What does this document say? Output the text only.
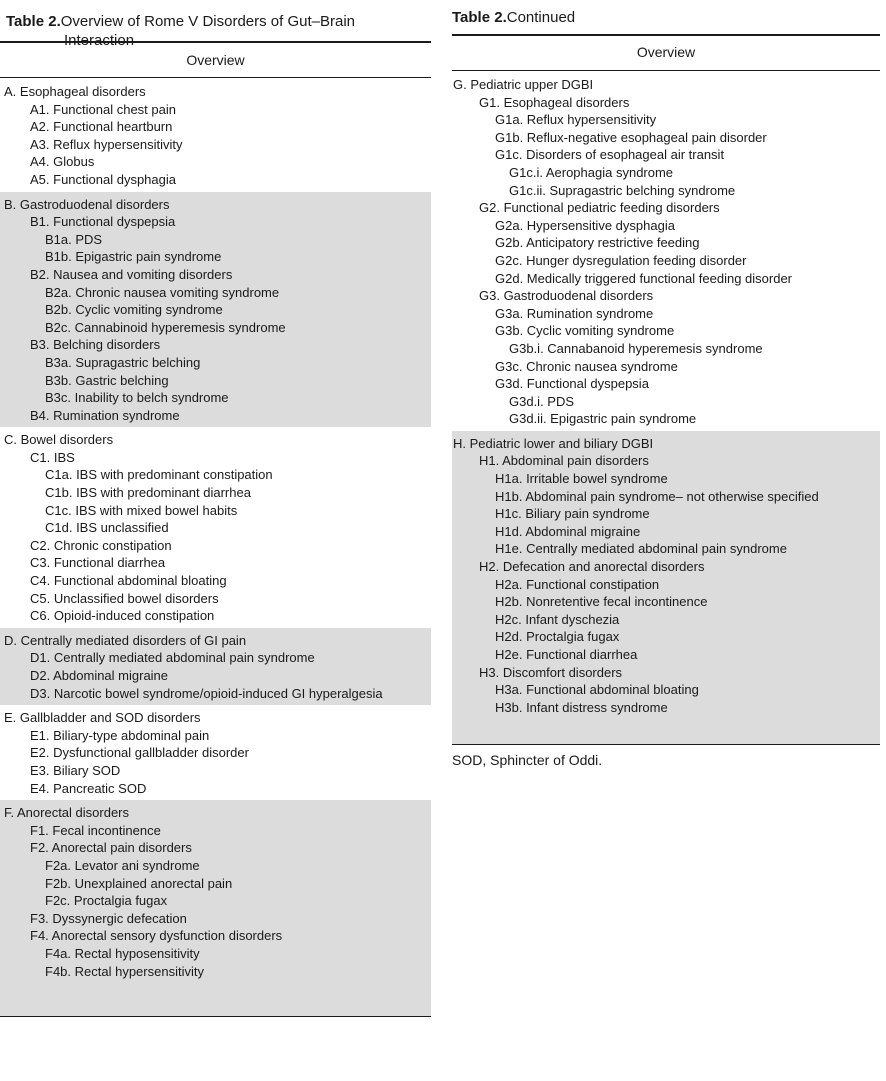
Table 2.Overview of Rome V Disorders of Gut–Brain
Interaction
Overview
A. Esophageal disorders
A1. Functional chest pain
A2. Functional heartburn
A3. Reflux hypersensitivity
A4. Globus
A5. Functional dysphagia
B. Gastroduodenal disorders
B1. Functional dyspepsia
B1a. PDS
B1b. Epigastric pain syndrome
B2. Nausea and vomiting disorders
B2a. Chronic nausea vomiting syndrome
B2b. Cyclic vomiting syndrome
B2c. Cannabinoid hyperemesis syndrome
B3. Belching disorders
B3a. Supragastric belching
B3b. Gastric belching
B3c. Inability to belch syndrome
B4. Rumination syndrome
C. Bowel disorders
C1. IBS
C1a. IBS with predominant constipation
C1b. IBS with predominant diarrhea
C1c. IBS with mixed bowel habits
C1d. IBS unclassified
C2. Chronic constipation
C3. Functional diarrhea
C4. Functional abdominal bloating
C5. Unclassified bowel disorders
C6. Opioid-induced constipation
D. Centrally mediated disorders of GI pain
D1. Centrally mediated abdominal pain syndrome
D2. Abdominal migraine
D3. Narcotic bowel syndrome/opioid-induced GI hyperalgesia
E. Gallbladder and SOD disorders
E1. Biliary-type abdominal pain
E2. Dysfunctional gallbladder disorder
E3. Biliary SOD
E4. Pancreatic SOD
F. Anorectal disorders
F1. Fecal incontinence
F2. Anorectal pain disorders
F2a. Levator ani syndrome
F2b. Unexplained anorectal pain
F2c. Proctalgia fugax
F3. Dyssynergic defecation
F4. Anorectal sensory dysfunction disorders
F4a. Rectal hyposensitivity
F4b. Rectal hypersensitivity
Table 2.Continued
Overview
G. Pediatric upper DGBI
G1. Esophageal disorders
G1a. Reflux hypersensitivity
G1b. Reflux-negative esophageal pain disorder
G1c. Disorders of esophageal air transit
G1c.i. Aerophagia syndrome
G1c.ii. Supragastric belching syndrome
G2. Functional pediatric feeding disorders
G2a. Hypersensitive dysphagia
G2b. Anticipatory restrictive feeding
G2c. Hunger dysregulation feeding disorder
G2d. Medically triggered functional feeding disorder
G3. Gastroduodenal disorders
G3a. Rumination syndrome
G3b. Cyclic vomiting syndrome
G3b.i. Cannabanoid hyperemesis syndrome
G3c. Chronic nausea syndrome
G3d. Functional dyspepsia
G3d.i. PDS
G3d.ii. Epigastric pain syndrome
H. Pediatric lower and biliary DGBI
H1. Abdominal pain disorders
H1a. Irritable bowel syndrome
H1b. Abdominal pain syndrome– not otherwise specified
H1c. Biliary pain syndrome
H1d. Abdominal migraine
H1e. Centrally mediated abdominal pain syndrome
H2. Defecation and anorectal disorders
H2a. Functional constipation
H2b. Nonretentive fecal incontinence
H2c. Infant dyschezia
H2d. Proctalgia fugax
H2e. Functional diarrhea
H3. Discomfort disorders
H3a. Functional abdominal bloating
H3b. Infant distress syndrome
SOD, Sphincter of Oddi.
